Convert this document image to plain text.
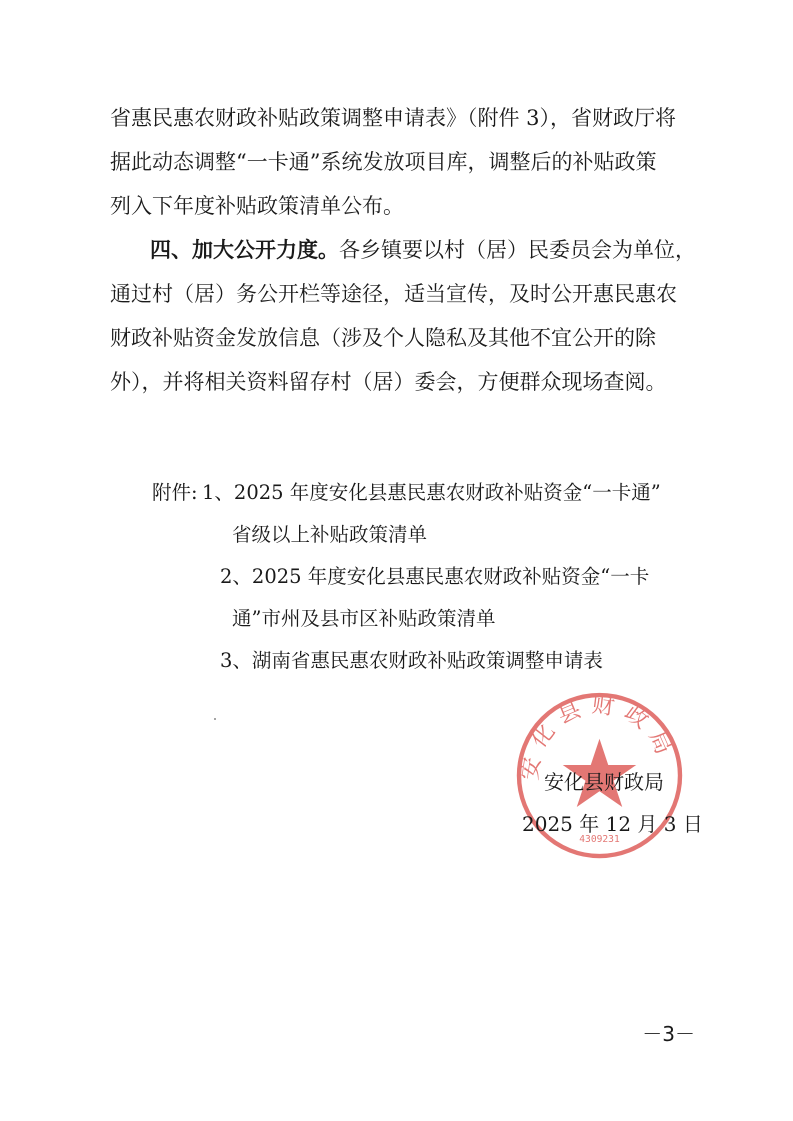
省惠民惠农财政补贴政策调整申请表》（附件 3），省财政厅将
据此动态调整“一卡通”系统发放项目库，调整后的补贴政策
列入下年度补贴政策清单公布。
四、加大公开力度。各乡镇要以村（居）民委员会为单位，
通过村（居）务公开栏等途径，适当宣传，及时公开惠民惠农
财政补贴资金发放信息（涉及个人隐私及其他不宜公开的除
外），并将相关资料留存村（居）委会，方便群众现场查阅。
附件: 1、2025 年度安化县惠民惠农财政补贴资金“一卡通”
省级以上补贴政策清单
2、2025 年度安化县惠民惠农财政补贴资金“一卡
通”市州及县市区补贴政策清单
3、湖南省惠民惠农财政补贴政策调整申请表
安化县财政局
4309231
安化县财政局
2025 年 12 月 3 日
－3－
